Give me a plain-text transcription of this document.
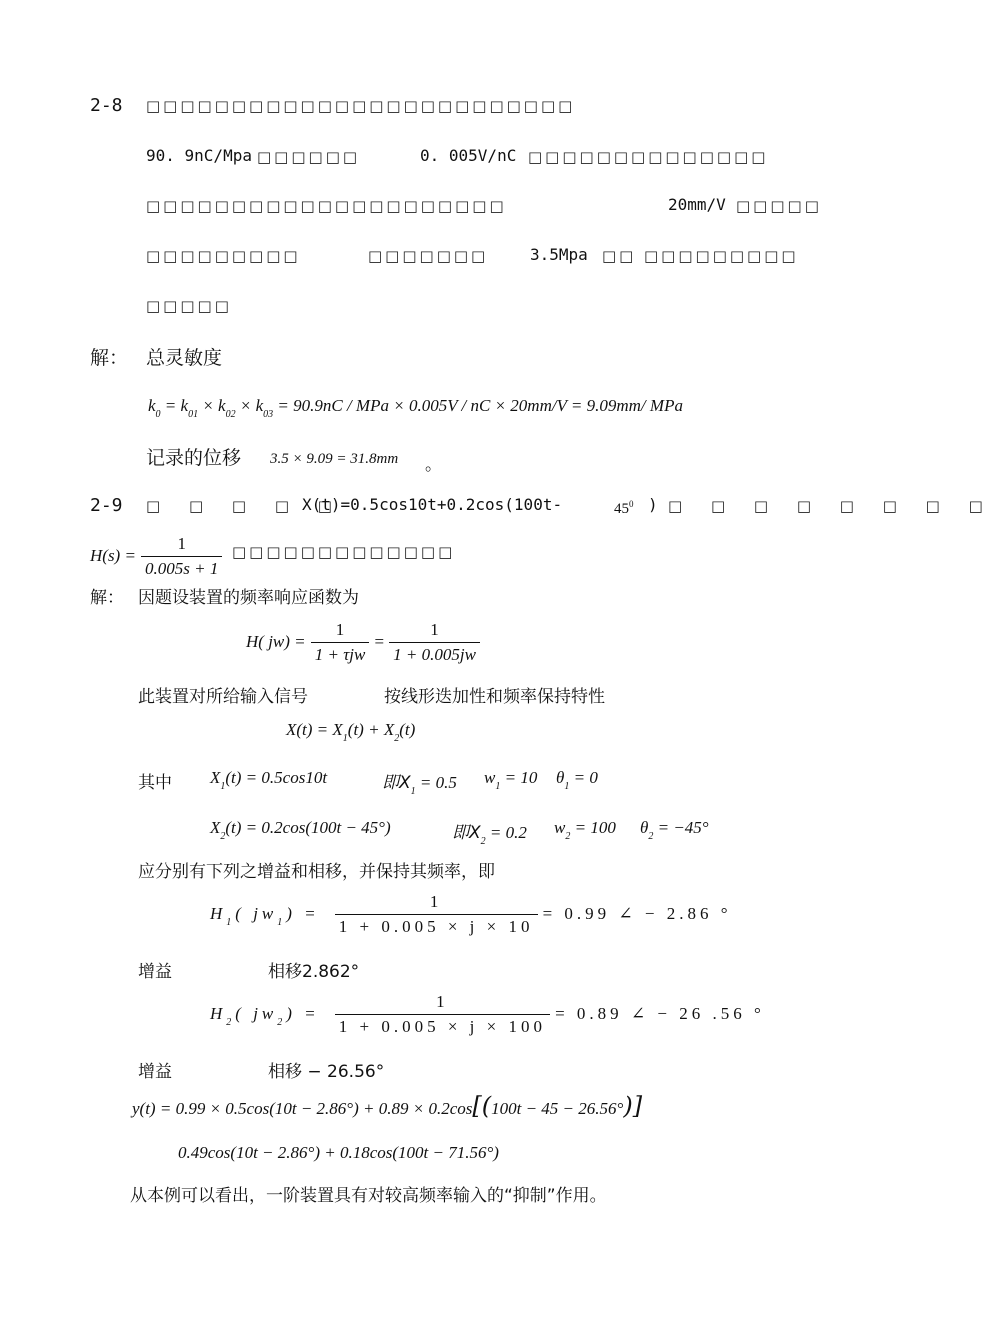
2-8 □□□□□□□□□□□□□□□□□□□□□□□□□
90. 9nC/Mpa □□□□□□	0. 005V/nC □□□□□□□□□□□□□□
□□□□□□□□□□□□□□□□□□□□□	20mm/V □□□□□
□□□□□□□□□	□□□□□□□	3.5Mpa □□ □□□□□□□□□
□□□□□
解： 总灵敏度
$k_0 = k_{01} \times k_{02} \times k_{03} = 90.9nC$ / MPa × 0.005V / nC × 20mm/V = 9.09mm/ MPa
记录的位移 3.5 × 9.09 = 31.8mm 。
2-9 □ □ □ □ □
X(t)=0.5cos10t+0.2cos(100t-	$45^0$ ) □ □ □ □ □ □ □ □
$H(s) = \frac{1}{0.005s + 1}$ □□□□□□□□□□□□□
解： 因题设装置的频率响应函数为
H( $jw) = \frac{1}{\text{1 + τjw}} = \frac{1}{1 + 0.005jw}$
此装置对所给输入信号	按线形迭加性和频率保持特性
$X(t) = X_1(t) + X_2(t)$
其中 $X_1(t) = 0.5\cos 10t$	即$X_1 = 0.5$ $w_1 = 10$ $\theta_1 = 0$
$X_2(t) = 0.2\cos(100t - 45^\circ)$	即$X_2 = 0.2$ $w_2 = 100$ $\theta_2 = -45^\circ$
应分别有下列之增益和相移，并保持其频率，即
$H_1$( $jw_1) = \frac{1}{1 + 0.005 \times j \times 10} = 0.99$ ∠ − 2.86 °
增益	相移2.862°
$H_2$( $jw_2) = \frac{1}{1 + 0.005 \times j \times 100} = 0.89$ ∠ − 26 .56 °
增益	相移 − 26.56°
y(t) = 0.99 × 0.5cos(10t − 2.86°) + 0.89 × 0.2cos[(100t − 45 − 26.56°)]
0.49cos(10t − 2.86°) + 0.18cos(100t − 71.56°)
从本例可以看出，一阶装置具有对较高频率输入的“抑制”作用。
